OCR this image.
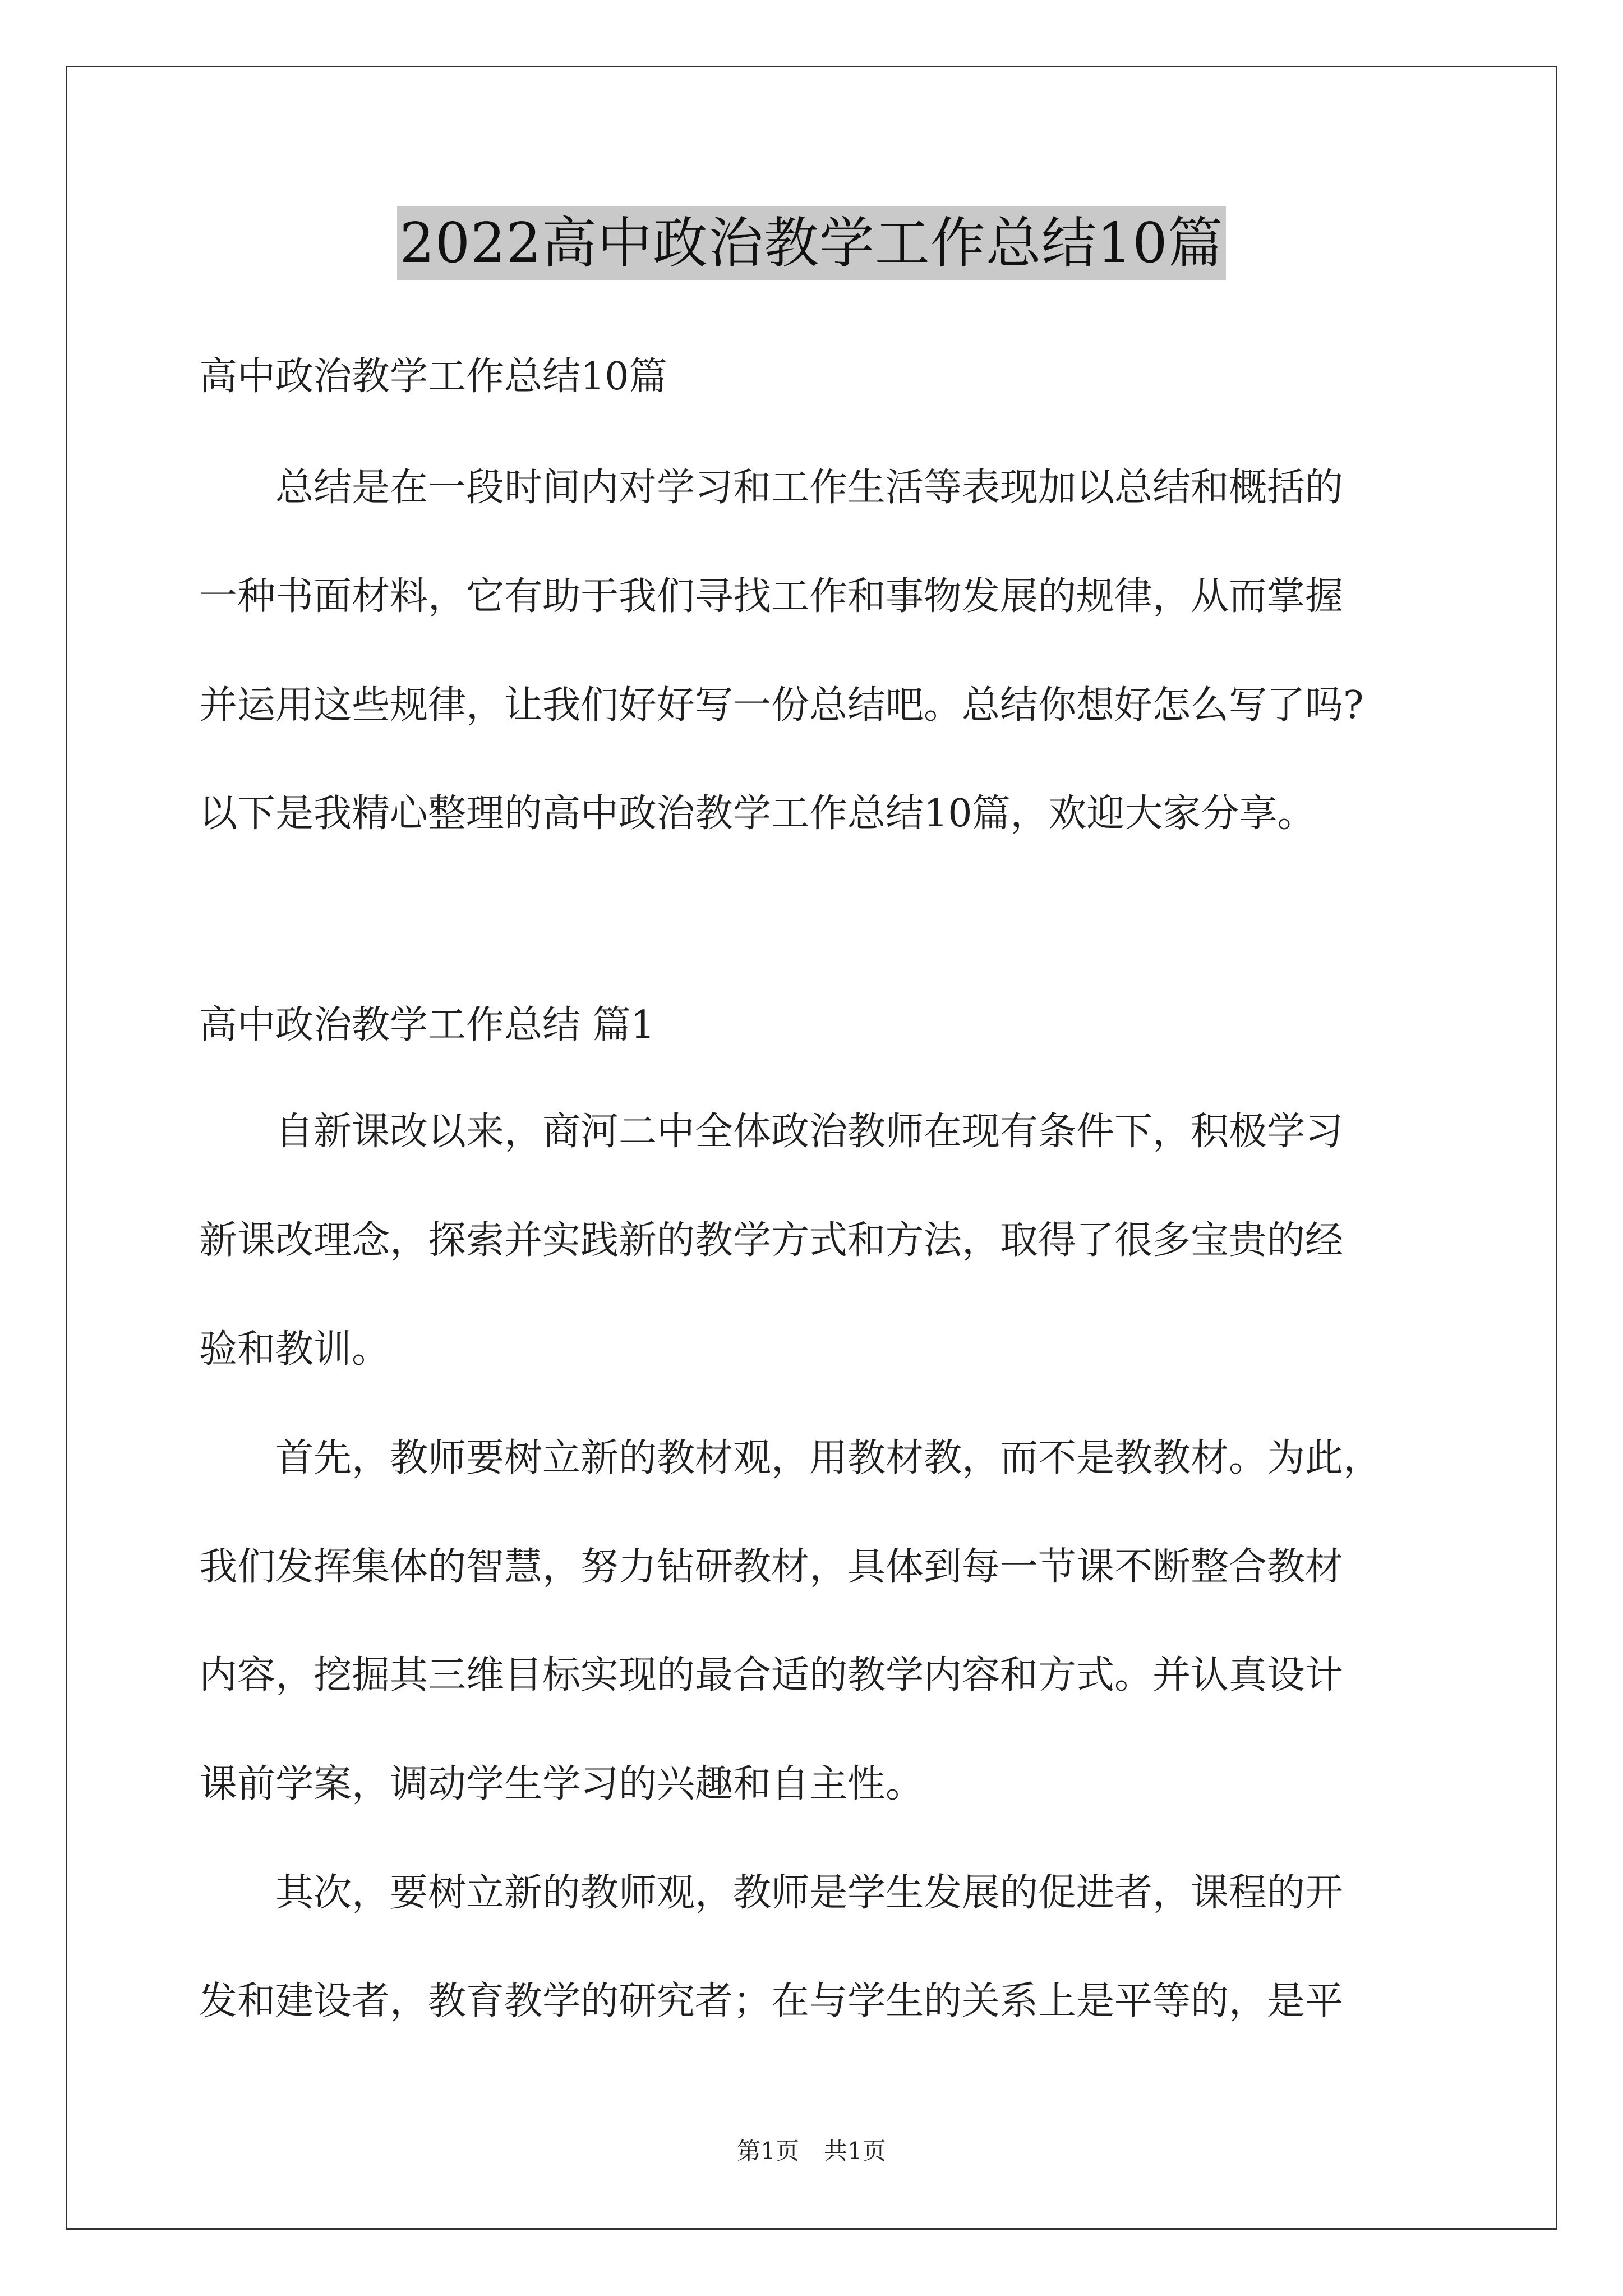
2022高中政治教学工作总结10篇
高中政治教学工作总结10篇
　　总结是在一段时间内对学习和工作生活等表现加以总结和概括的
一种书面材料，它有助于我们寻找工作和事物发展的规律，从而掌握
并运用这些规律，让我们好好写一份总结吧。总结你想好怎么写了吗?
以下是我精心整理的高中政治教学工作总结10篇，欢迎大家分享。
高中政治教学工作总结 篇1
　　自新课改以来，商河二中全体政治教师在现有条件下，积极学习
新课改理念，探索并实践新的教学方式和方法，取得了很多宝贵的经
验和教训。
　　首先，教师要树立新的教材观，用教材教，而不是教教材。为此，
我们发挥集体的智慧，努力钻研教材，具体到每一节课不断整合教材
内容，挖掘其三维目标实现的最合适的教学内容和方式。并认真设计
课前学案，调动学生学习的兴趣和自主性。
　　其次，要树立新的教师观，教师是学生发展的促进者，课程的开
发和建设者，教育教学的研究者；在与学生的关系上是平等的，是平
第1页 共1页
